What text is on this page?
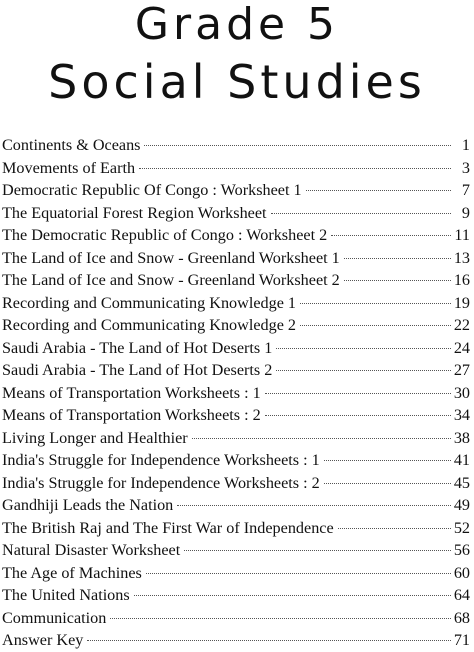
Grade 5
Social Studies
Continents & Oceans	1
Movements of Earth	3
Democratic Republic Of Congo : Worksheet 1	7
The Equatorial Forest Region Worksheet	9
The Democratic Republic of Congo : Worksheet 2	11
The Land of Ice and Snow - Greenland Worksheet 1	13
The Land of Ice and Snow - Greenland Worksheet 2	16
Recording and Communicating Knowledge 1	19
Recording and Communicating Knowledge 2	22
Saudi Arabia - The Land of Hot Deserts 1	24
Saudi Arabia - The Land of Hot Deserts 2	27
Means of Transportation Worksheets : 1	30
Means of Transportation Worksheets : 2	34
Living Longer and Healthier	38
India's Struggle for Independence Worksheets : 1	41
India's Struggle for Independence Worksheets : 2	45
Gandhiji Leads the Nation	49
The British Raj and The First War of Independence	52
Natural Disaster Worksheet	56
The Age of Machines	60
The United Nations	64
Communication	68
Answer Key	71
